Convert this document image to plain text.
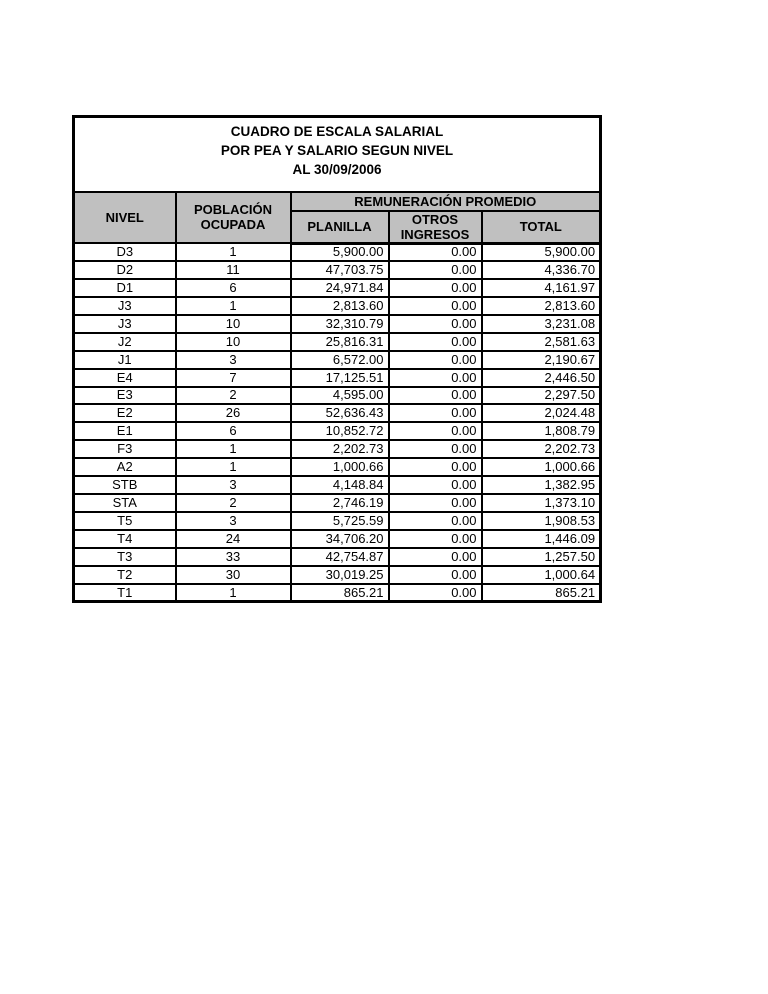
CUADRO DE ESCALA SALARIAL
POR PEA Y SALARIO SEGUN NIVEL
AL 30/09/2006				

NIVEL	POBLACIÓN OCUPADA	REMUNERACIÓN PROMEDIO		
		PLANILLA	OTROS INGRESOS	TOTAL
D3	1	5,900.00	0.00	5,900.00
D2	11	47,703.75	0.00	4,336.70
D1	6	24,971.84	0.00	4,161.97
J3	1	2,813.60	0.00	2,813.60
J3	10	32,310.79	0.00	3,231.08
J2	10	25,816.31	0.00	2,581.63
J1	3	6,572.00	0.00	2,190.67
E4	7	17,125.51	0.00	2,446.50
E3	2	4,595.00	0.00	2,297.50
E2	26	52,636.43	0.00	2,024.48
E1	6	10,852.72	0.00	1,808.79
F3	1	2,202.73	0.00	2,202.73
A2	1	1,000.66	0.00	1,000.66
STB	3	4,148.84	0.00	1,382.95
STA	2	2,746.19	0.00	1,373.10
T5	3	5,725.59	0.00	1,908.53
T4	24	34,706.20	0.00	1,446.09
T3	33	42,754.87	0.00	1,257.50
T2	30	30,019.25	0.00	1,000.64
T1	1	865.21	0.00	865.21
